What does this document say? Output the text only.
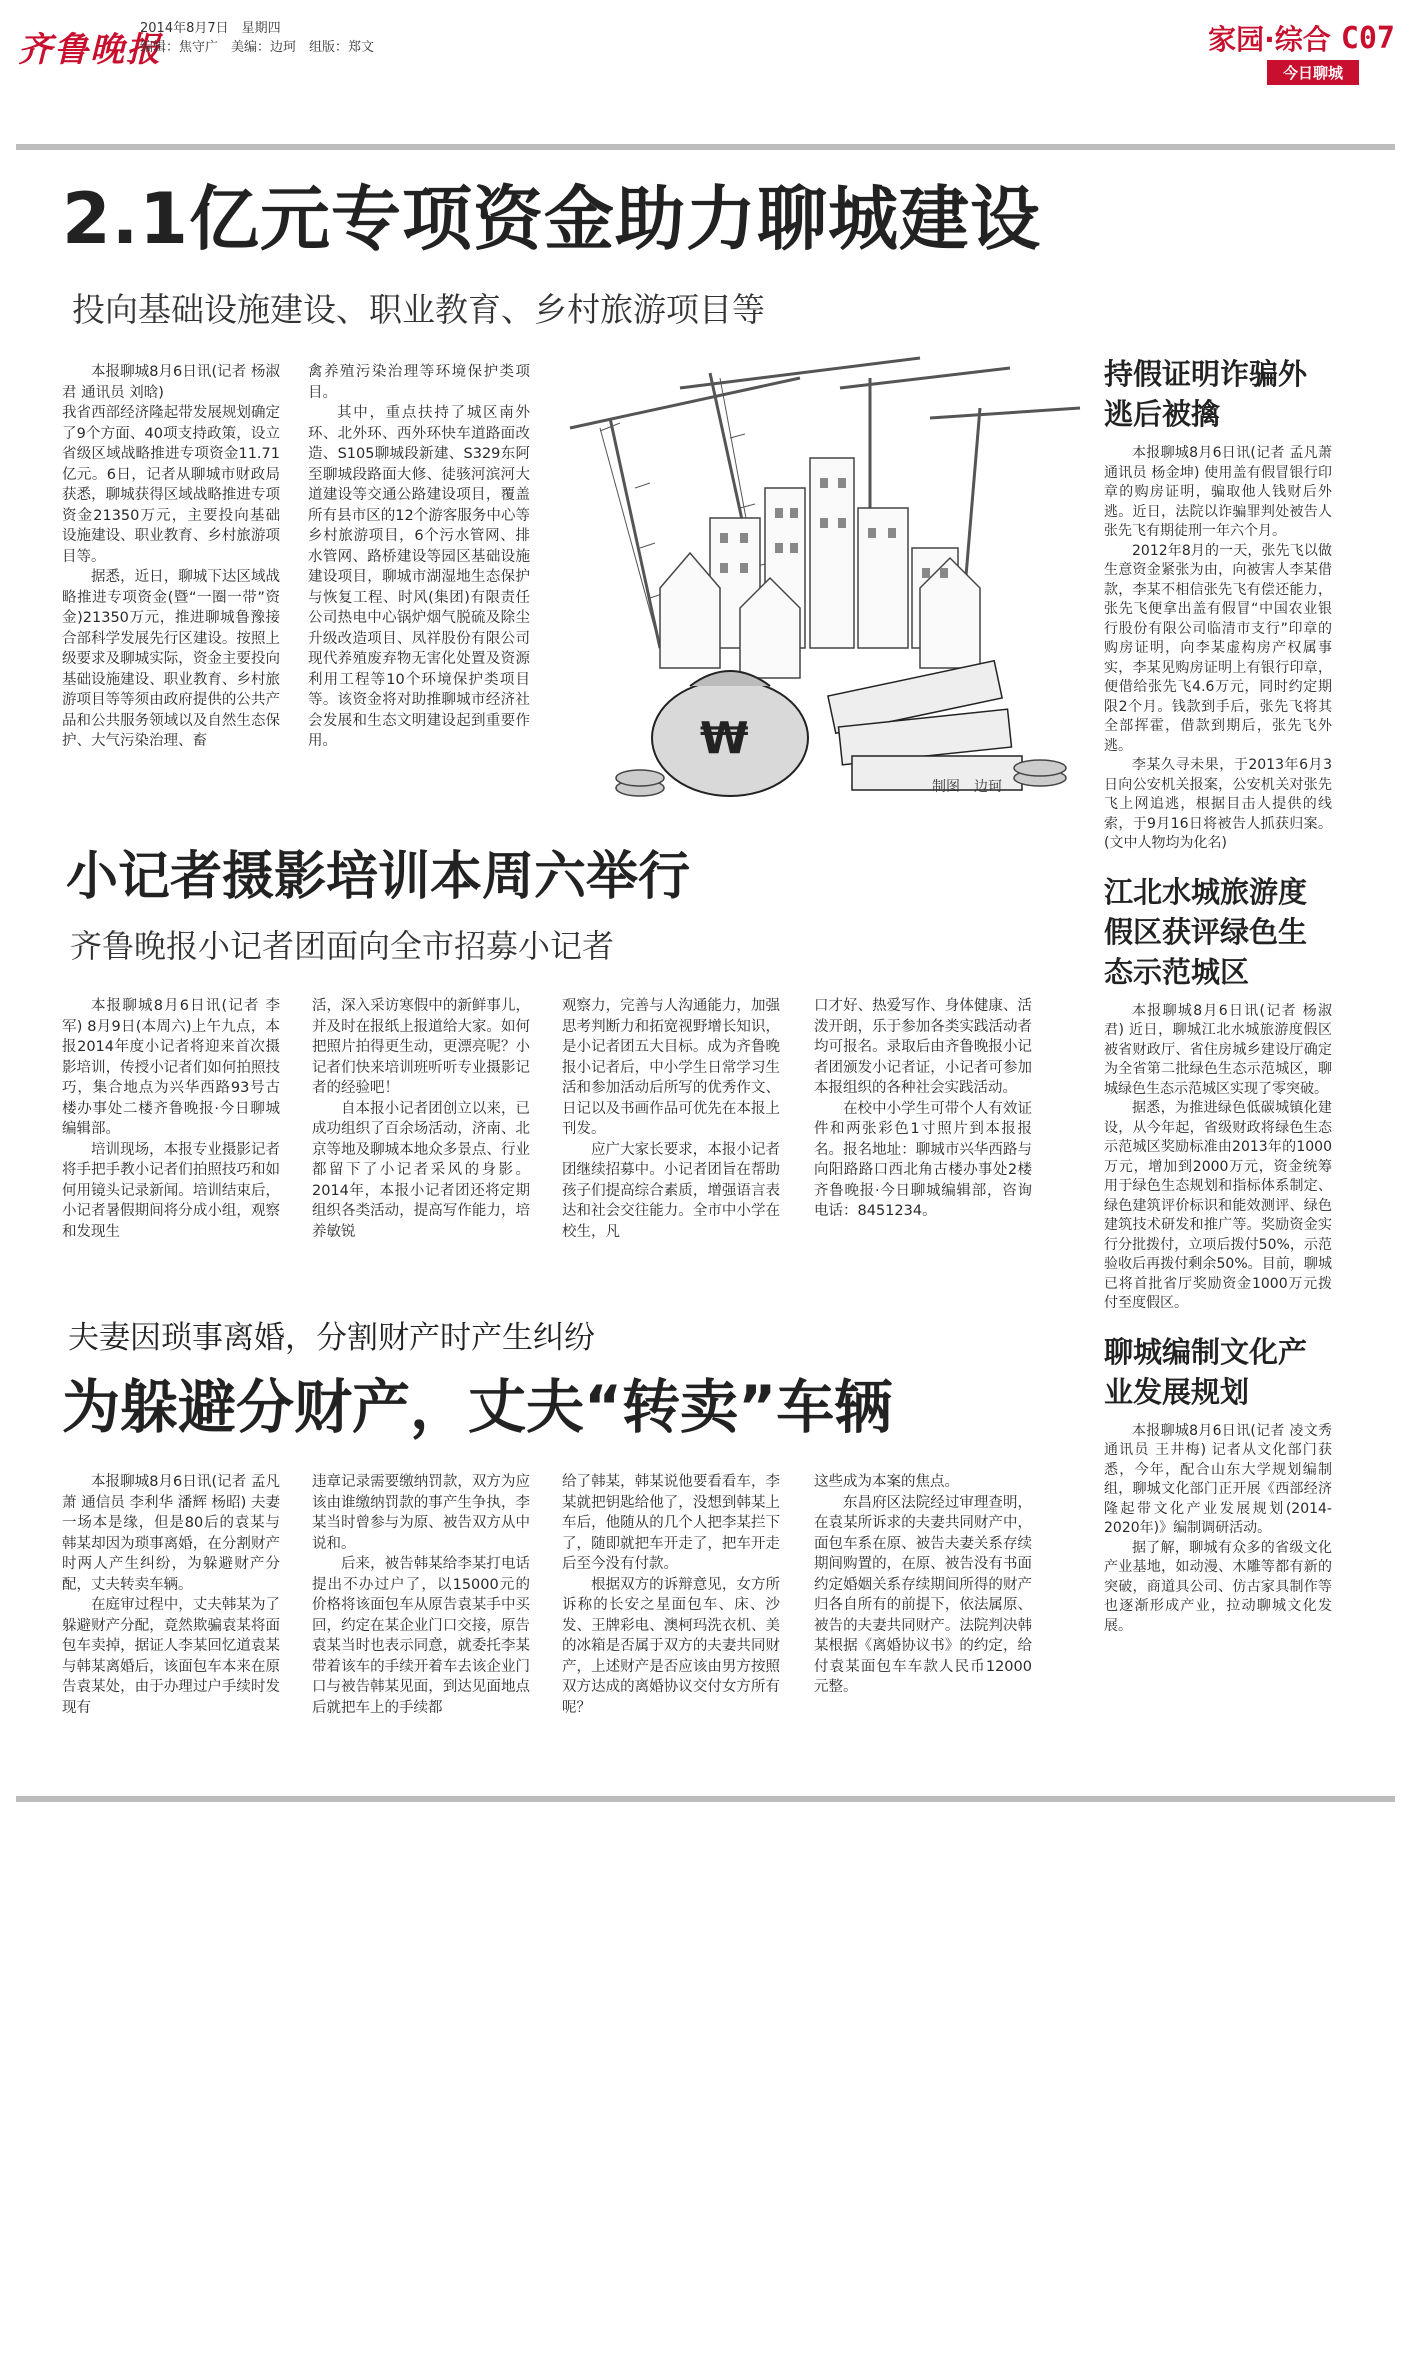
齐鲁晚报
2014年8月7日　星期四
编辑：焦守广　美编：边珂　组版：郑文	家园·综合 C07
今日聊城
2.1亿元专项资金助力聊城建设
投向基础设施建设、职业教育、乡村旅游项目等

本报聊城8月6日讯(记者 杨淑君 通讯员 刘晗)

我省西部经济隆起带发展规划确定了9个方面、40项支持政策，设立省级区域战略推进专项资金11.71亿元。6日，记者从聊城市财政局获悉，聊城获得区域战略推进专项资金21350万元，主要投向基础设施建设、职业教育、乡村旅游项目等。

据悉，近日，聊城下达区域战略推进专项资金(暨“一圈一带”资金)21350万元，推进聊城鲁豫接合部科学发展先行区建设。按照上级要求及聊城实际，资金主要投向基础设施建设、职业教育、乡村旅游项目等等须由政府提供的公共产品和公共服务领域以及自然生态保护、大气污染治理、畜

禽养殖污染治理等环境保护类项目。

其中，重点扶持了城区南外环、北外环、西外环快车道路面改造、S105聊城段新建、S329东阿至聊城段路面大修、徒骇河滨河大道建设等交通公路建设项目，覆盖所有县市区的12个游客服务中心等乡村旅游项目，6个污水管网、排水管网、路桥建设等园区基础设施建设项目，聊城市湖湿地生态保护与恢复工程、时风(集团)有限责任公司热电中心锅炉烟气脱硫及除尘升级改造项目、凤祥股份有限公司现代养殖废弃物无害化处置及资源利用工程等10个环境保护类项目等。该资金将对助推聊城市经济社会发展和生态文明建设起到重要作用。	₩
制图　边珂
持假证明诈骗外逃后被擒

本报聊城8月6日讯(记者 孟凡萧 通讯员 杨金坤) 使用盖有假冒银行印章的购房证明，骗取他人钱财后外逃。近日，法院以诈骗罪判处被告人张先飞有期徒刑一年六个月。

2012年8月的一天，张先飞以做生意资金紧张为由，向被害人李某借款，李某不相信张先飞有偿还能力，张先飞便拿出盖有假冒“中国农业银行股份有限公司临清市支行”印章的购房证明，向李某虚构房产权属事实，李某见购房证明上有银行印章，便借给张先飞4.6万元，同时约定期限2个月。钱款到手后，张先飞将其全部挥霍，借款到期后，张先飞外逃。

李某久寻未果，于2013年6月3日向公安机关报案，公安机关对张先飞上网追逃，根据目击人提供的线索，于9月16日将被告人抓获归案。(文中人物均为化名)

江北水城旅游度假区获评绿色生态示范城区

本报聊城8月6日讯(记者 杨淑君) 近日，聊城江北水城旅游度假区被省财政厅、省住房城乡建设厅确定为全省第二批绿色生态示范城区，聊城绿色生态示范城区实现了零突破。

据悉，为推进绿色低碳城镇化建设，从今年起，省级财政将绿色生态示范城区奖励标准由2013年的1000万元，增加到2000万元，资金统筹用于绿色生态规划和指标体系制定、绿色建筑评价标识和能效测评、绿色建筑技术研发和推广等。奖励资金实行分批拨付，立项后拨付50%，示范验收后再拨付剩余50%。目前，聊城已将首批省厅奖励资金1000万元拨付至度假区。

聊城编制文化产业发展规划

本报聊城8月6日讯(记者 凌文秀 通讯员 王井梅) 记者从文化部门获悉，今年，配合山东大学规划编制组，聊城文化部门正开展《西部经济隆起带文化产业发展规划(2014-2020年)》编制调研活动。

据了解，聊城有众多的省级文化产业基地，如动漫、木雕等都有新的突破，商道具公司、仿古家具制作等也逐渐形成产业，拉动聊城文化发展。

小记者摄影培训本周六举行
齐鲁晚报小记者团面向全市招募小记者

本报聊城8月6日讯(记者 李军) 8月9日(本周六)上午九点，本报2014年度小记者将迎来首次摄影培训，传授小记者们如何拍照技巧，集合地点为兴华西路93号古楼办事处二楼齐鲁晚报·今日聊城编辑部。

培训现场，本报专业摄影记者将手把手教小记者们拍照技巧和如何用镜头记录新闻。培训结束后，小记者暑假期间将分成小组，观察和发现生

活，深入采访寒假中的新鲜事儿，并及时在报纸上报道给大家。如何把照片拍得更生动，更漂亮呢？小记者们快来培训班听听专业摄影记者的经验吧！

自本报小记者团创立以来，已成功组织了百余场活动，济南、北京等地及聊城本地众多景点、行业都留下了小记者采风的身影。2014年，本报小记者团还将定期组织各类活动，提高写作能力，培养敏锐

观察力，完善与人沟通能力，加强思考判断力和拓宽视野增长知识，是小记者团五大目标。成为齐鲁晚报小记者后，中小学生日常学习生活和参加活动后所写的优秀作文、日记以及书画作品可优先在本报上刊发。

应广大家长要求，本报小记者团继续招募中。小记者团旨在帮助孩子们提高综合素质，增强语言表达和社会交往能力。全市中小学在校生，凡

口才好、热爱写作、身体健康、活泼开朗，乐于参加各类实践活动者均可报名。录取后由齐鲁晚报小记者团颁发小记者证，小记者可参加本报组织的各种社会实践活动。

在校中小学生可带个人有效证件和两张彩色1寸照片到本报报名。报名地址：聊城市兴华西路与向阳路路口西北角古楼办事处2楼齐鲁晚报·今日聊城编辑部，咨询电话：8451234。

夫妻因琐事离婚，分割财产时产生纠纷
为躲避分财产，丈夫“转卖”车辆

本报聊城8月6日讯(记者 孟凡萧 通信员 李利华 潘辉 杨昭) 夫妻一场本是缘，但是80后的袁某与韩某却因为琐事离婚，在分割财产时两人产生纠纷，为躲避财产分配，丈夫转卖车辆。

在庭审过程中，丈夫韩某为了躲避财产分配，竟然欺骗袁某将面包车卖掉，据证人李某回忆道袁某与韩某离婚后，该面包车本来在原告袁某处，由于办理过户手续时发现有

违章记录需要缴纳罚款，双方为应该由谁缴纳罚款的事产生争执，李某当时曾参与为原、被告双方从中说和。

后来，被告韩某给李某打电话提出不办过户了，以15000元的价格将该面包车从原告袁某手中买回，约定在某企业门口交接，原告袁某当时也表示同意，就委托李某带着该车的手续开着车去该企业门口与被告韩某见面，到达见面地点后就把车上的手续都

给了韩某，韩某说他要看看车，李某就把钥匙给他了，没想到韩某上车后，他随从的几个人把李某拦下了，随即就把车开走了，把车开走后至今没有付款。

根据双方的诉辩意见，女方所诉称的长安之星面包车、床、沙发、王牌彩电、澳柯玛洗衣机、美的冰箱是否属于双方的夫妻共同财产，上述财产是否应该由男方按照双方达成的离婚协议交付女方所有呢？

这些成为本案的焦点。

东昌府区法院经过审理查明，在袁某所诉求的夫妻共同财产中，面包车系在原、被告夫妻关系存续期间购置的，在原、被告没有书面约定婚姻关系存续期间所得的财产归各自所有的前提下，依法属原、被告的夫妻共同财产。法院判决韩某根据《离婚协议书》的约定，给付袁某面包车车款人民币12000元整。
